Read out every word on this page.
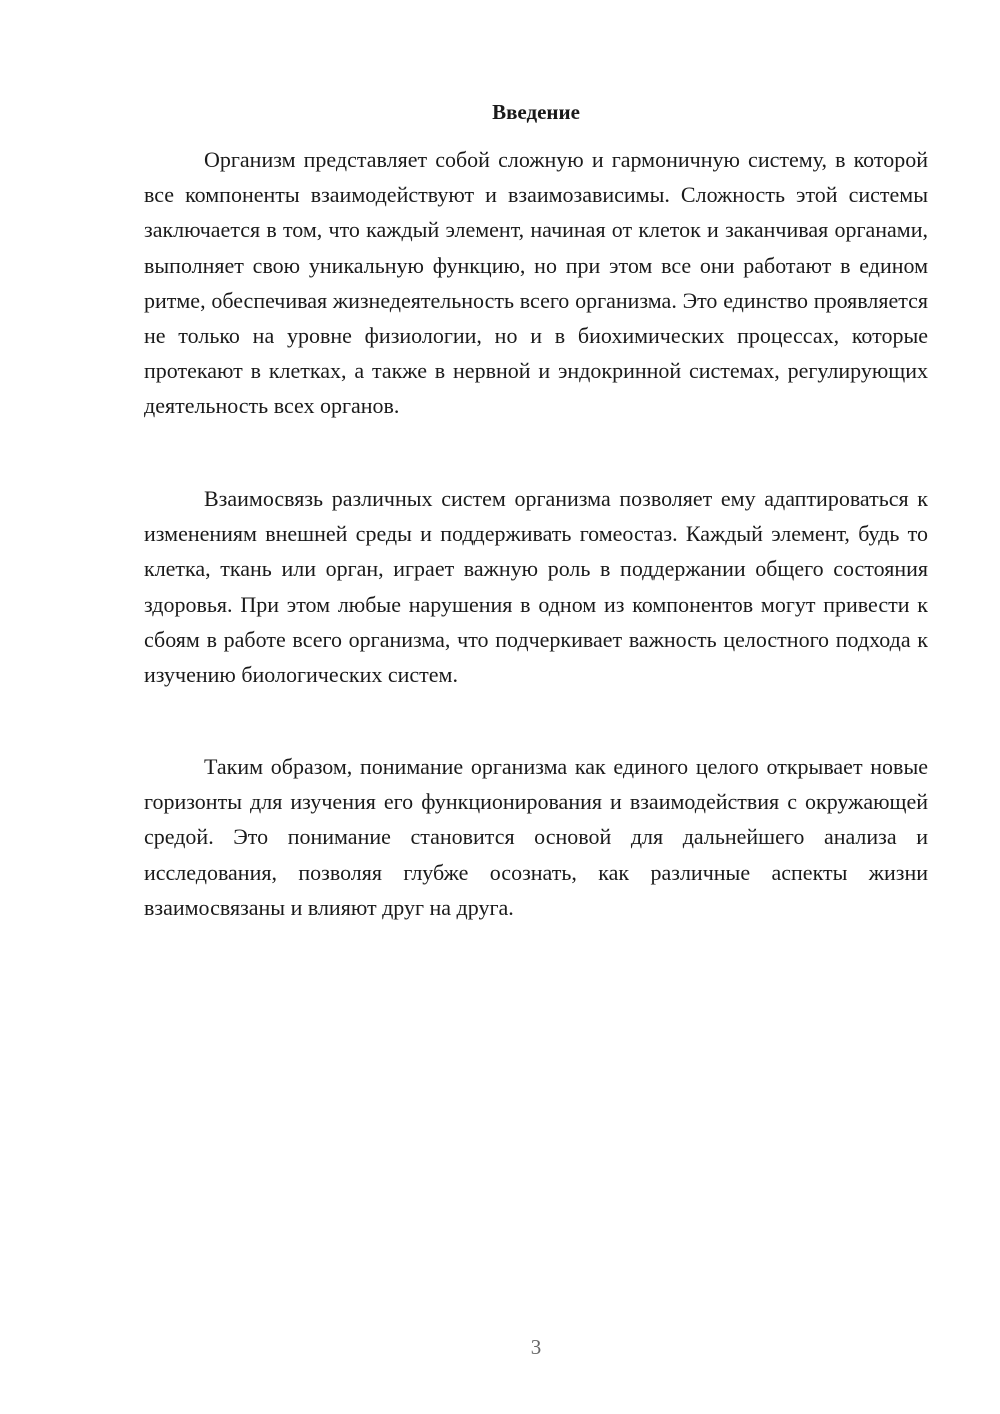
Введение

Организм представляет собой сложную и гармоничную систему, в которой все компоненты взаимодействуют и взаимозависимы. Сложность этой системы заключается в том, что каждый элемент, начиная от клеток и заканчивая органами, выполняет свою уникальную функцию, но при этом все они работают в едином ритме, обеспечивая жизнедеятельность всего организма. Это единство проявляется не только на уровне физиологии, но и в биохимических процессах, которые протекают в клетках, а также в нервной и эндокринной системах, регулирующих деятельность всех органов.

Взаимосвязь различных систем организма позволяет ему адаптироваться к изменениям внешней среды и поддерживать гомеостаз. Каждый элемент, будь то клетка, ткань или орган, играет важную роль в поддержании общего состояния здоровья. При этом любые нарушения в одном из компонентов могут привести к сбоям в работе всего организма, что подчеркивает важность целостного подхода к изучению биологических систем.

Таким образом, понимание организма как единого целого открывает новые горизонты для изучения его функционирования и взаимодействия с окружающей средой. Это понимание становится основой для дальнейшего анализа и исследования, позволяя глубже осознать, как различные аспекты жизни взаимосвязаны и влияют друг на друга.

3
